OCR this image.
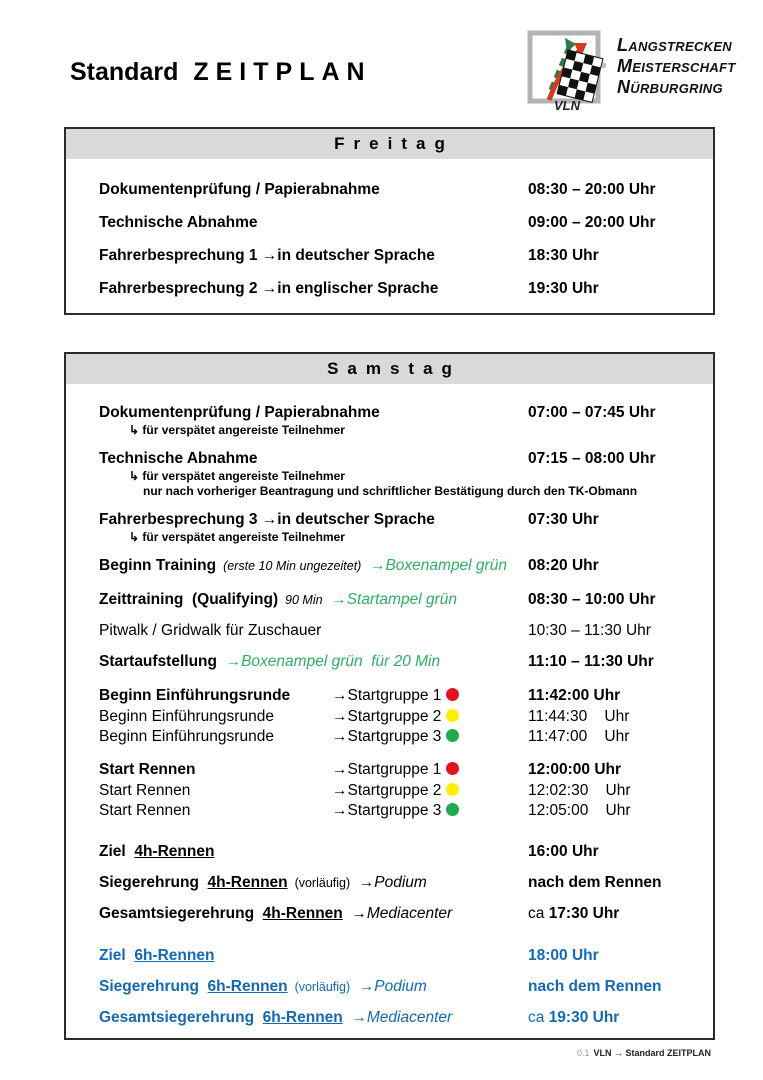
Standard ZEITPLAN
VLN
®
Langstrecken
Meisterschaft
Nürburgring
Freitag
Dokumentenprüfung / Papierabnahme	08:30 – 20:00 Uhr
Technische Abnahme	09:00 – 20:00 Uhr
Fahrerbesprechung 1 →in deutscher Sprache	18:30 Uhr
Fahrerbesprechung 2 →in englischer Sprache	19:30 Uhr
Samstag
Dokumentenprüfung / Papierabnahme	07:00 – 07:45 Uhr
↳ für verspätet angereiste Teilnehmer
Technische Abnahme	07:15 – 08:00 Uhr
↳ für verspätet angereiste Teilnehmer
nur nach vorheriger Beantragung und schriftlicher Bestätigung durch den TK-Obmann
Fahrerbesprechung 3 →in deutscher Sprache	07:30 Uhr
↳ für verspätet angereiste Teilnehmer
Beginn Training  (erste 10 Min ungezeitet)  →Boxenampel grün	08:20 Uhr
Zeittraining  (Qualifying)  90 Min  →Startampel grün	08:30 – 10:00 Uhr
Pitwalk / Gridwalk für Zuschauer	10:30 – 11:30 Uhr
Startaufstellung  →Boxenampel grün  für 20 Min	11:10 – 11:30 Uhr
Beginn Einführungsrunde	→Startgruppe 1	11:42:00 Uhr
Beginn Einführungsrunde	→Startgruppe 2	11:44:30    Uhr
Beginn Einführungsrunde	→Startgruppe 3	11:47:00    Uhr
Start Rennen	→Startgruppe 1	12:00:00 Uhr
Start Rennen	→Startgruppe 2	12:02:30    Uhr
Start Rennen	→Startgruppe 3	12:05:00    Uhr
Ziel  4h-Rennen	16:00 Uhr
Siegerehrung  4h-Rennen  (vorläufig)  →Podium	nach dem Rennen
Gesamtsiegerehrung  4h-Rennen  →Mediacenter	ca 17:30 Uhr
Ziel  6h-Rennen	18:00 Uhr
Siegerehrung  6h-Rennen  (vorläufig)  →Podium	nach dem Rennen
Gesamtsiegerehrung  6h-Rennen  →Mediacenter	ca 19:30 Uhr
0.1 VLN → Standard ZEITPLAN
